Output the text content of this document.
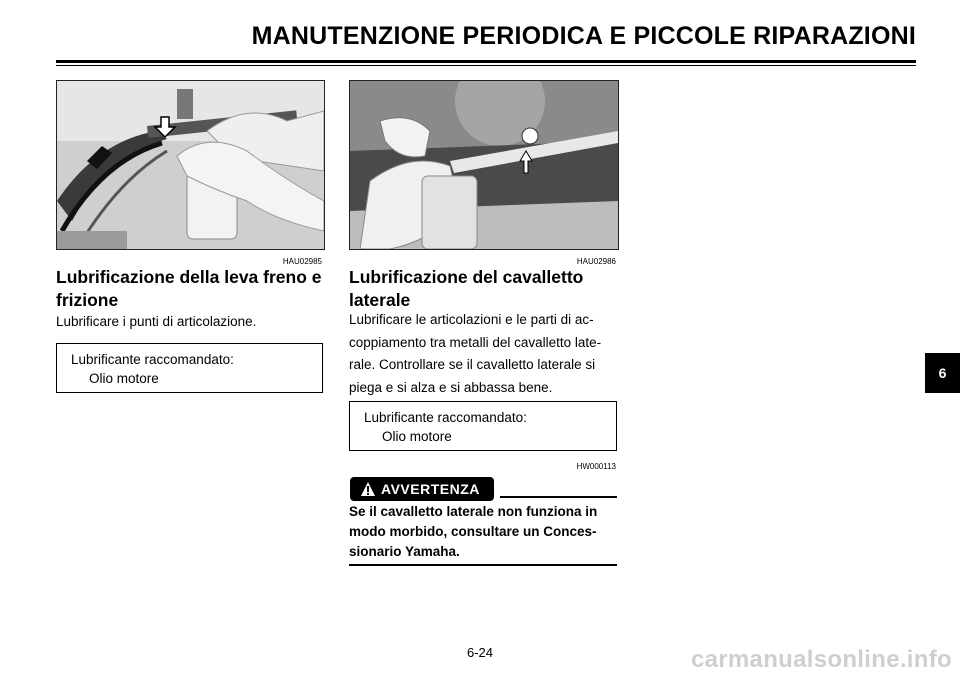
MANUTENZIONE PERIODICA E PICCOLE RIPARAZIONI
HAU02985
Lubrificazione della leva freno e
frizione
Lubrificare i punti di articolazione.
Lubrificante raccomandato:
Olio motore
HAU02986
Lubrificazione del cavalletto
laterale
Lubrificare le articolazioni e le parti di ac-
coppiamento tra metalli del cavalletto late-
rale. Controllare se il cavalletto laterale si
piega e si alza e si abbassa bene.
Lubrificante raccomandato:
Olio motore
HW000113
AVVERTENZA
Se il cavalletto laterale non funziona in
modo morbido, consultare un Conces-
sionario Yamaha.
6
6-24	carmanualsonline.info
